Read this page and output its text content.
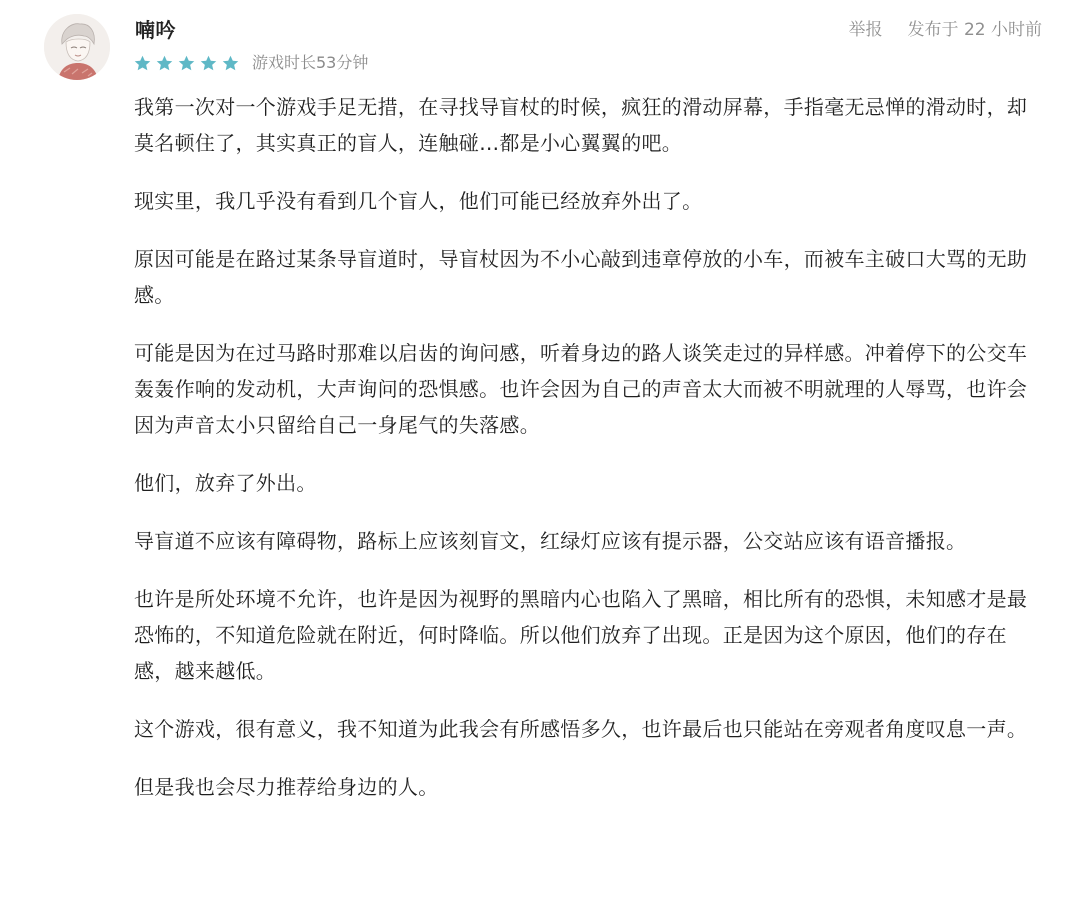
喃吟
游戏时长53分钟
举报 发布于 22 小时前

我第一次对一个游戏手足无措，在寻找导盲杖的时候，疯狂的滑动屏幕，手指毫无忌惮的滑动时，却莫名顿住了，其实真正的盲人，连触碰…都是小心翼翼的吧。

现实里，我几乎没有看到几个盲人，他们可能已经放弃外出了。

原因可能是在路过某条导盲道时，导盲杖因为不小心敲到违章停放的小车，而被车主破口大骂的无助感。

可能是因为在过马路时那难以启齿的询问感，听着身边的路人谈笑走过的异样感。冲着停下的公交车轰轰作响的发动机，大声询问的恐惧感。也许会因为自己的声音太大而被不明就理的人辱骂，也许会因为声音太小只留给自己一身尾气的失落感。

他们，放弃了外出。

导盲道不应该有障碍物，路标上应该刻盲文，红绿灯应该有提示器，公交站应该有语音播报。

也许是所处环境不允许，也许是因为视野的黑暗内心也陷入了黑暗，相比所有的恐惧，未知感才是最恐怖的，不知道危险就在附近，何时降临。所以他们放弃了出现。正是因为这个原因，他们的存在感，越来越低。

这个游戏，很有意义，我不知道为此我会有所感悟多久，也许最后也只能站在旁观者角度叹息一声。

但是我也会尽力推荐给身边的人。
